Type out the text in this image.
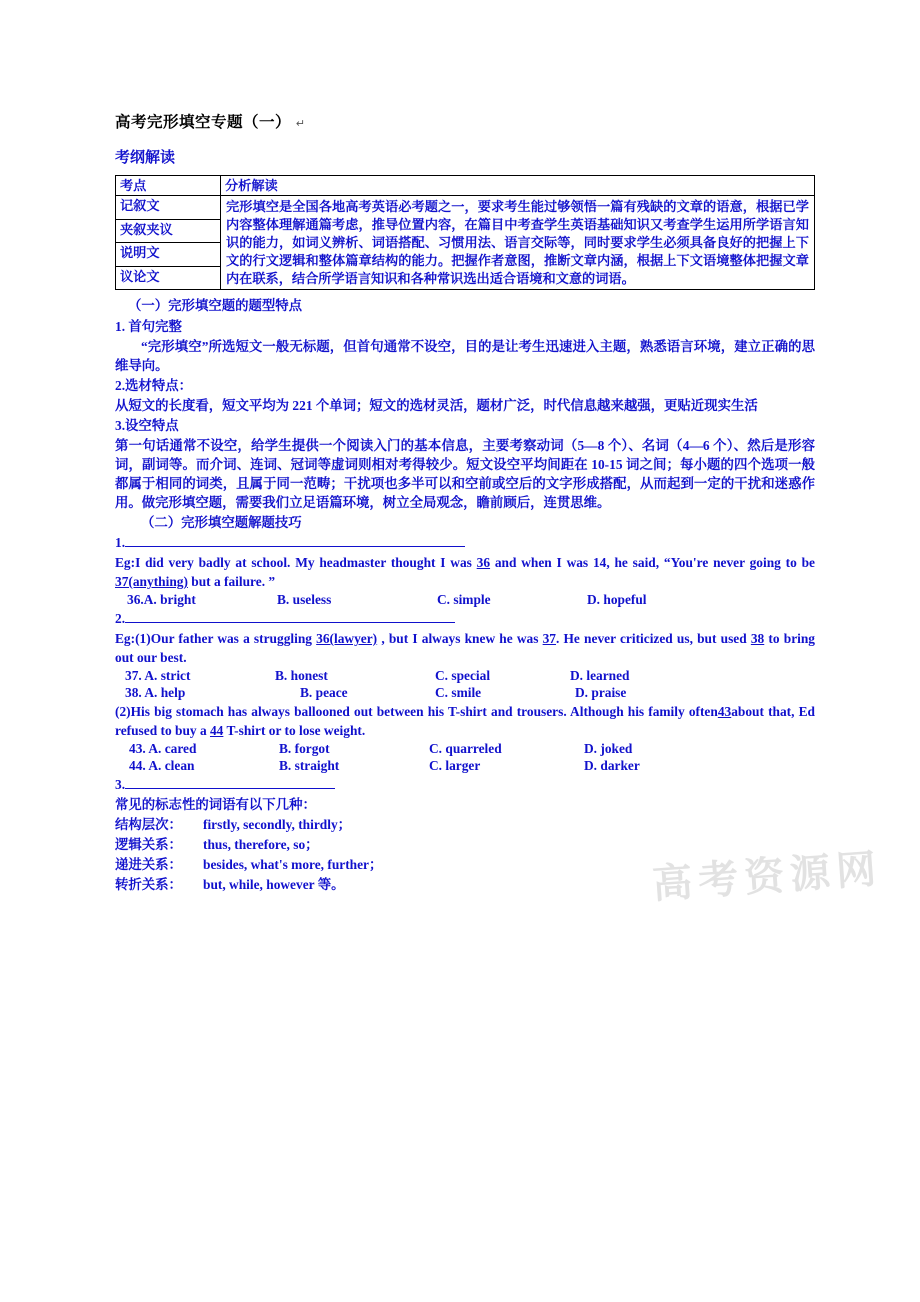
高考资源网
高考完形填空专题（一） ↵
考纲解读
考点	分析解读
记叙文	完形填空是全国各地高考英语必考题之一，要求考生能过够领悟一篇有残缺的文章的语意，根据已学内容整体理解通篇考虑，推导位置内容，在篇目中考查学生英语基础知识又考查学生运用所学语言知识的能力，如词义辨析、词语搭配、习惯用法、语言交际等，同时要求学生必须具备良好的把握上下文的行文逻辑和整体篇章结构的能力。把握作者意图，推断文章内涵，根据上下文语境整体把握文章内在联系，结合所学语言知识和各种常识选出适合语境和文意的词语。
夹叙夹议	
说明文	
议论文	
（一）完形填空题的题型特点
1. 首句完整
“完形填空”所选短文一般无标题，但首句通常不设空，目的是让考生迅速进入主题，熟悉语言环境，建立正确的思维导向。
2.选材特点：
从短文的长度看，短文平均为 221 个单词；短文的选材灵活，题材广泛，时代信息越来越强，更贴近现实生活
3.设空特点
第一句话通常不设空，给学生提供一个阅读入门的基本信息，主要考察动词（5—8 个）、名词（4—6 个）、然后是形容词，副词等。而介词、连词、冠词等虚词则相对考得较少。短文设空平均间距在 10-15 词之间；每小题的四个选项一般都属于相同的词类，且属于同一范畴；干扰项也多半可以和空前或空后的文字形成搭配，从而起到一定的干扰和迷惑作用。做完形填空题，需要我们立足语篇环境，树立全局观念，瞻前顾后，连贯思维。
（二）完形填空题解题技巧
1.
Eg:I did very badly at school. My headmaster thought I was 36 and when I was 14, he said, “You're never going to be 37(anything) but a failure. ”
36.A. bright	B. useless	C. simple	D. hopeful
2.
Eg:(1)Our father was a struggling 36(lawyer) , but I always knew he was 37. He never criticized us, but used 38 to bring out our best.
37. A. strict	B. honest	C. special	D. learned
38. A. help	B. peace	C. smile	D. praise
(2)His big stomach has always ballooned out between his T-shirt and trousers. Although his family often43about that, Ed refused to buy a 44 T-shirt or to lose weight.
43. A. cared	B. forgot	C. quarreled	D. joked
44. A. clean	B. straight	C. larger	D. darker
3.
常见的标志性的词语有以下几种：
结构层次： firstly, secondly, thirdly；
逻辑关系： thus, therefore, so；
递进关系： besides, what's more, further；
转折关系： but, while, however 等。
